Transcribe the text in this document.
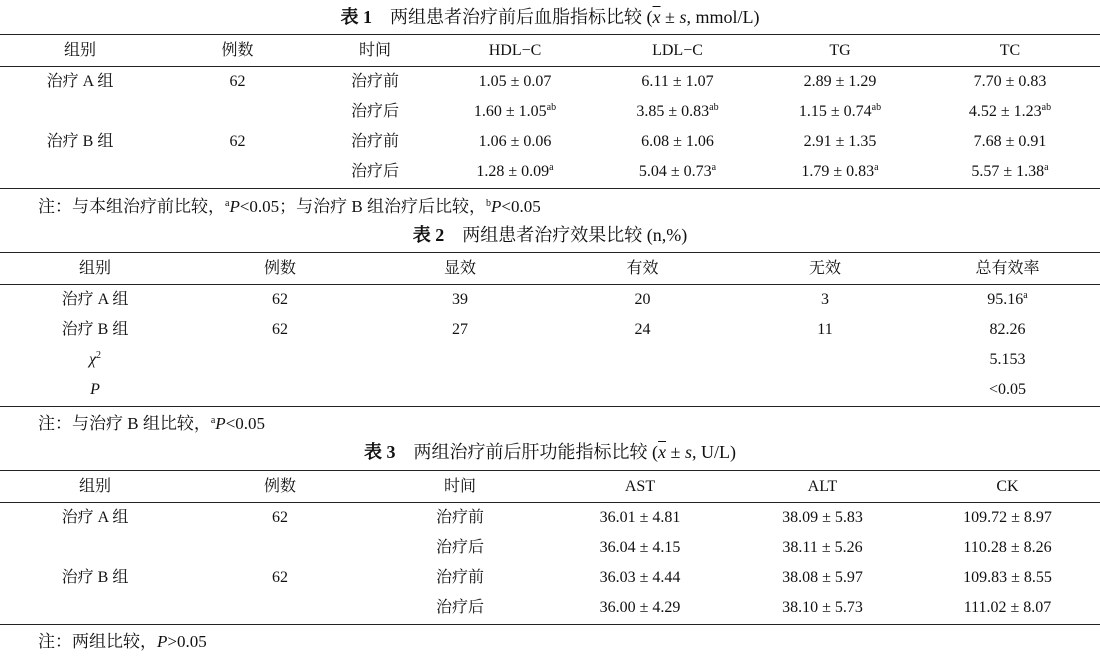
表 1 两组患者治疗前后血脂指标比较 ($\overline{x} \pm s$, mmol/L)
	组别	例数	时间	HDL−C	LDL−C	TG	TC
	治疗 A 组	62	治疗前	1.05 ± 0.07	6.11 ± 1.07	2.89 ± 1.29	7.70 ± 0.83
			治疗后	1.60 ± 1.05$^{ab}$	3.85 ± 0.83$^{ab}$	1.15 ± 0.74$^{ab}$	4.52 ± 1.23$^{ab}$
	治疗 B 组	62	治疗前	1.06 ± 0.06	6.08 ± 1.06	2.91 ± 1.35	7.68 ± 0.91
			治疗后	1.28 ± 0.09$^a$	5.04 ± 0.73$^a$	1.79 ± 0.83$^a$	5.57 ± 1.38$^a$
注：与本组治疗前比较，$^a$P<0.05；与治疗 B 组治疗后比较，$^b$P<0.05
表 2 两组患者治疗效果比较 (n,%)
组别	例数	显效	有效	无效	总有效率
治疗 A 组	62	39	20	3	95.16$^a$
治疗 B 组	62	27	24	11	82.26
$\chi^2$					5.153
P					<0.05
注：与治疗 B 组比较，$^a$P<0.05
表 3 两组治疗前后肝功能指标比较 ($\overline{x} \pm s$, U/L)
组别	例数	时间	AST	ALT	CK
治疗 A 组	62	治疗前	36.01 ± 4.81	38.09 ± 5.83	109.72 ± 8.97
		治疗后	36.04 ± 4.15	38.11 ± 5.26	110.28 ± 8.26
治疗 B 组	62	治疗前	36.03 ± 4.44	38.08 ± 5.97	109.83 ± 8.55
		治疗后	36.00 ± 4.29	38.10 ± 5.73	111.02 ± 8.07
注：两组比较，P>0.05
